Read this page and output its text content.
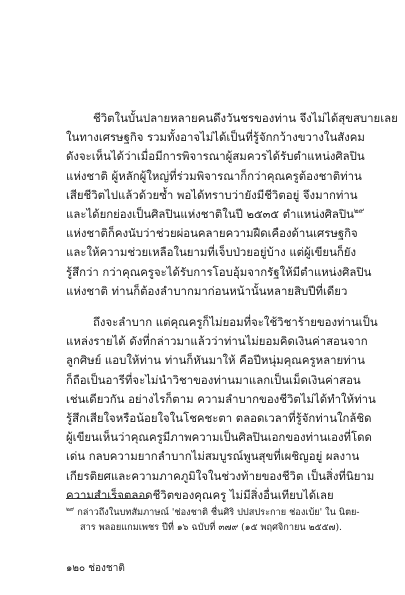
ชีวิตในบั้นปลายหลายคนดึงวันชรของท่าน จึงไม่ได้สุขสบายเลย
ในทางเศรษฐกิจ รวมทั้งอาจไม่ได้เป็นที่รู้จักกว้างขวางในสังคม
ดังจะเห็นได้ว่าเมื่อมีการพิจารณาผู้สมควรได้รับตำแหน่งศิลปิน
แห่งชาติ ผู้หลักผู้ใหญ่ที่ร่วมพิจารณาก็กว่าคุณครูต้องชาติท่าน
เสียชีวิตไปแล้วด้วยซ้ำ พอได้ทราบว่ายังมีชีวิตอยู่ จึงมากท่าน
และได้ยกย่องเป็นศิลปินแห่งชาติในปี ๒๕๓๕ ตำแหน่งศิลปิน$^{๒๙}$
แห่งชาติก็คงนับว่าช่วยผ่อนคลายความฝืดเคืองด้านเศรษฐกิจ
และให้ความช่วยเหลือในยามที่เจ็บป่วยอยู่บ้าง แต่ผู้เขียนก็ยัง
รู้สึกว่า กว่าคุณครูจะได้รับการโอบอุ้มจากรัฐให้มีตำแหน่งศิลปิน
แห่งชาติ ท่านก็ต้องลำบากมาก่อนหน้านั้นหลายสิบปีที่เดียว
ถึงจะลำบาก แต่คุณครูก็ไม่ยอมที่จะใช้วิชาร้ายของท่านเป็น
แหล่งรายได้ ดังที่กล่าวมาแล้วว่าท่านไม่ยอมคิดเงินค่าสอนจาก
ลูกศิษย์ แอบให้ท่าน ท่านก็หันมาให้ คือปีหนุ่มคุณครูหลายท่าน
ก็ถือเป็นอารีที่จะไม่นำวิชาของท่านมาแลกเป็นเม็ดเงินค่าสอน
เช่นเดียวกัน อย่างไรก็ตาม ความลำบากของชีวิตไม่ได้ทำให้ท่าน
รู้สึกเสียใจหรือน้อยใจในโชคชะตา ตลอดเวลาที่รู้จักท่านใกล้ชิด
ผู้เขียนเห็นว่าคุณครูมีภาพความเป็นศิลปินเอกของท่านเองที่โดด
เด่น กลบความยากลำบากไม่สมบูรณ์พูนสุขที่เผชิญอยู่ ผลงาน
เกียรติยศและความภาคภูมิใจในช่วงท้ายของชีวิต เป็นสิ่งที่นิยาม
ความสำเร็จตลอดชีวิตของคุณครู ไม่มีสิ่งอื่นเทียบได้เลย
$^{๒๙}$ กล่าวถึงในบทสัมภาษณ์ 'ช่องชาติ ชื่นศิริ ปปสประกาย ช่องเบ้ย' ใน นิตย-
สาร พลอยแกมเพชร ปีที่ ๑๖ ฉบับที่ ๓๗๙ (๑๕ พฤศจิกายน ๒๕๕๗).
๑๒๐ ช่องชาติ
